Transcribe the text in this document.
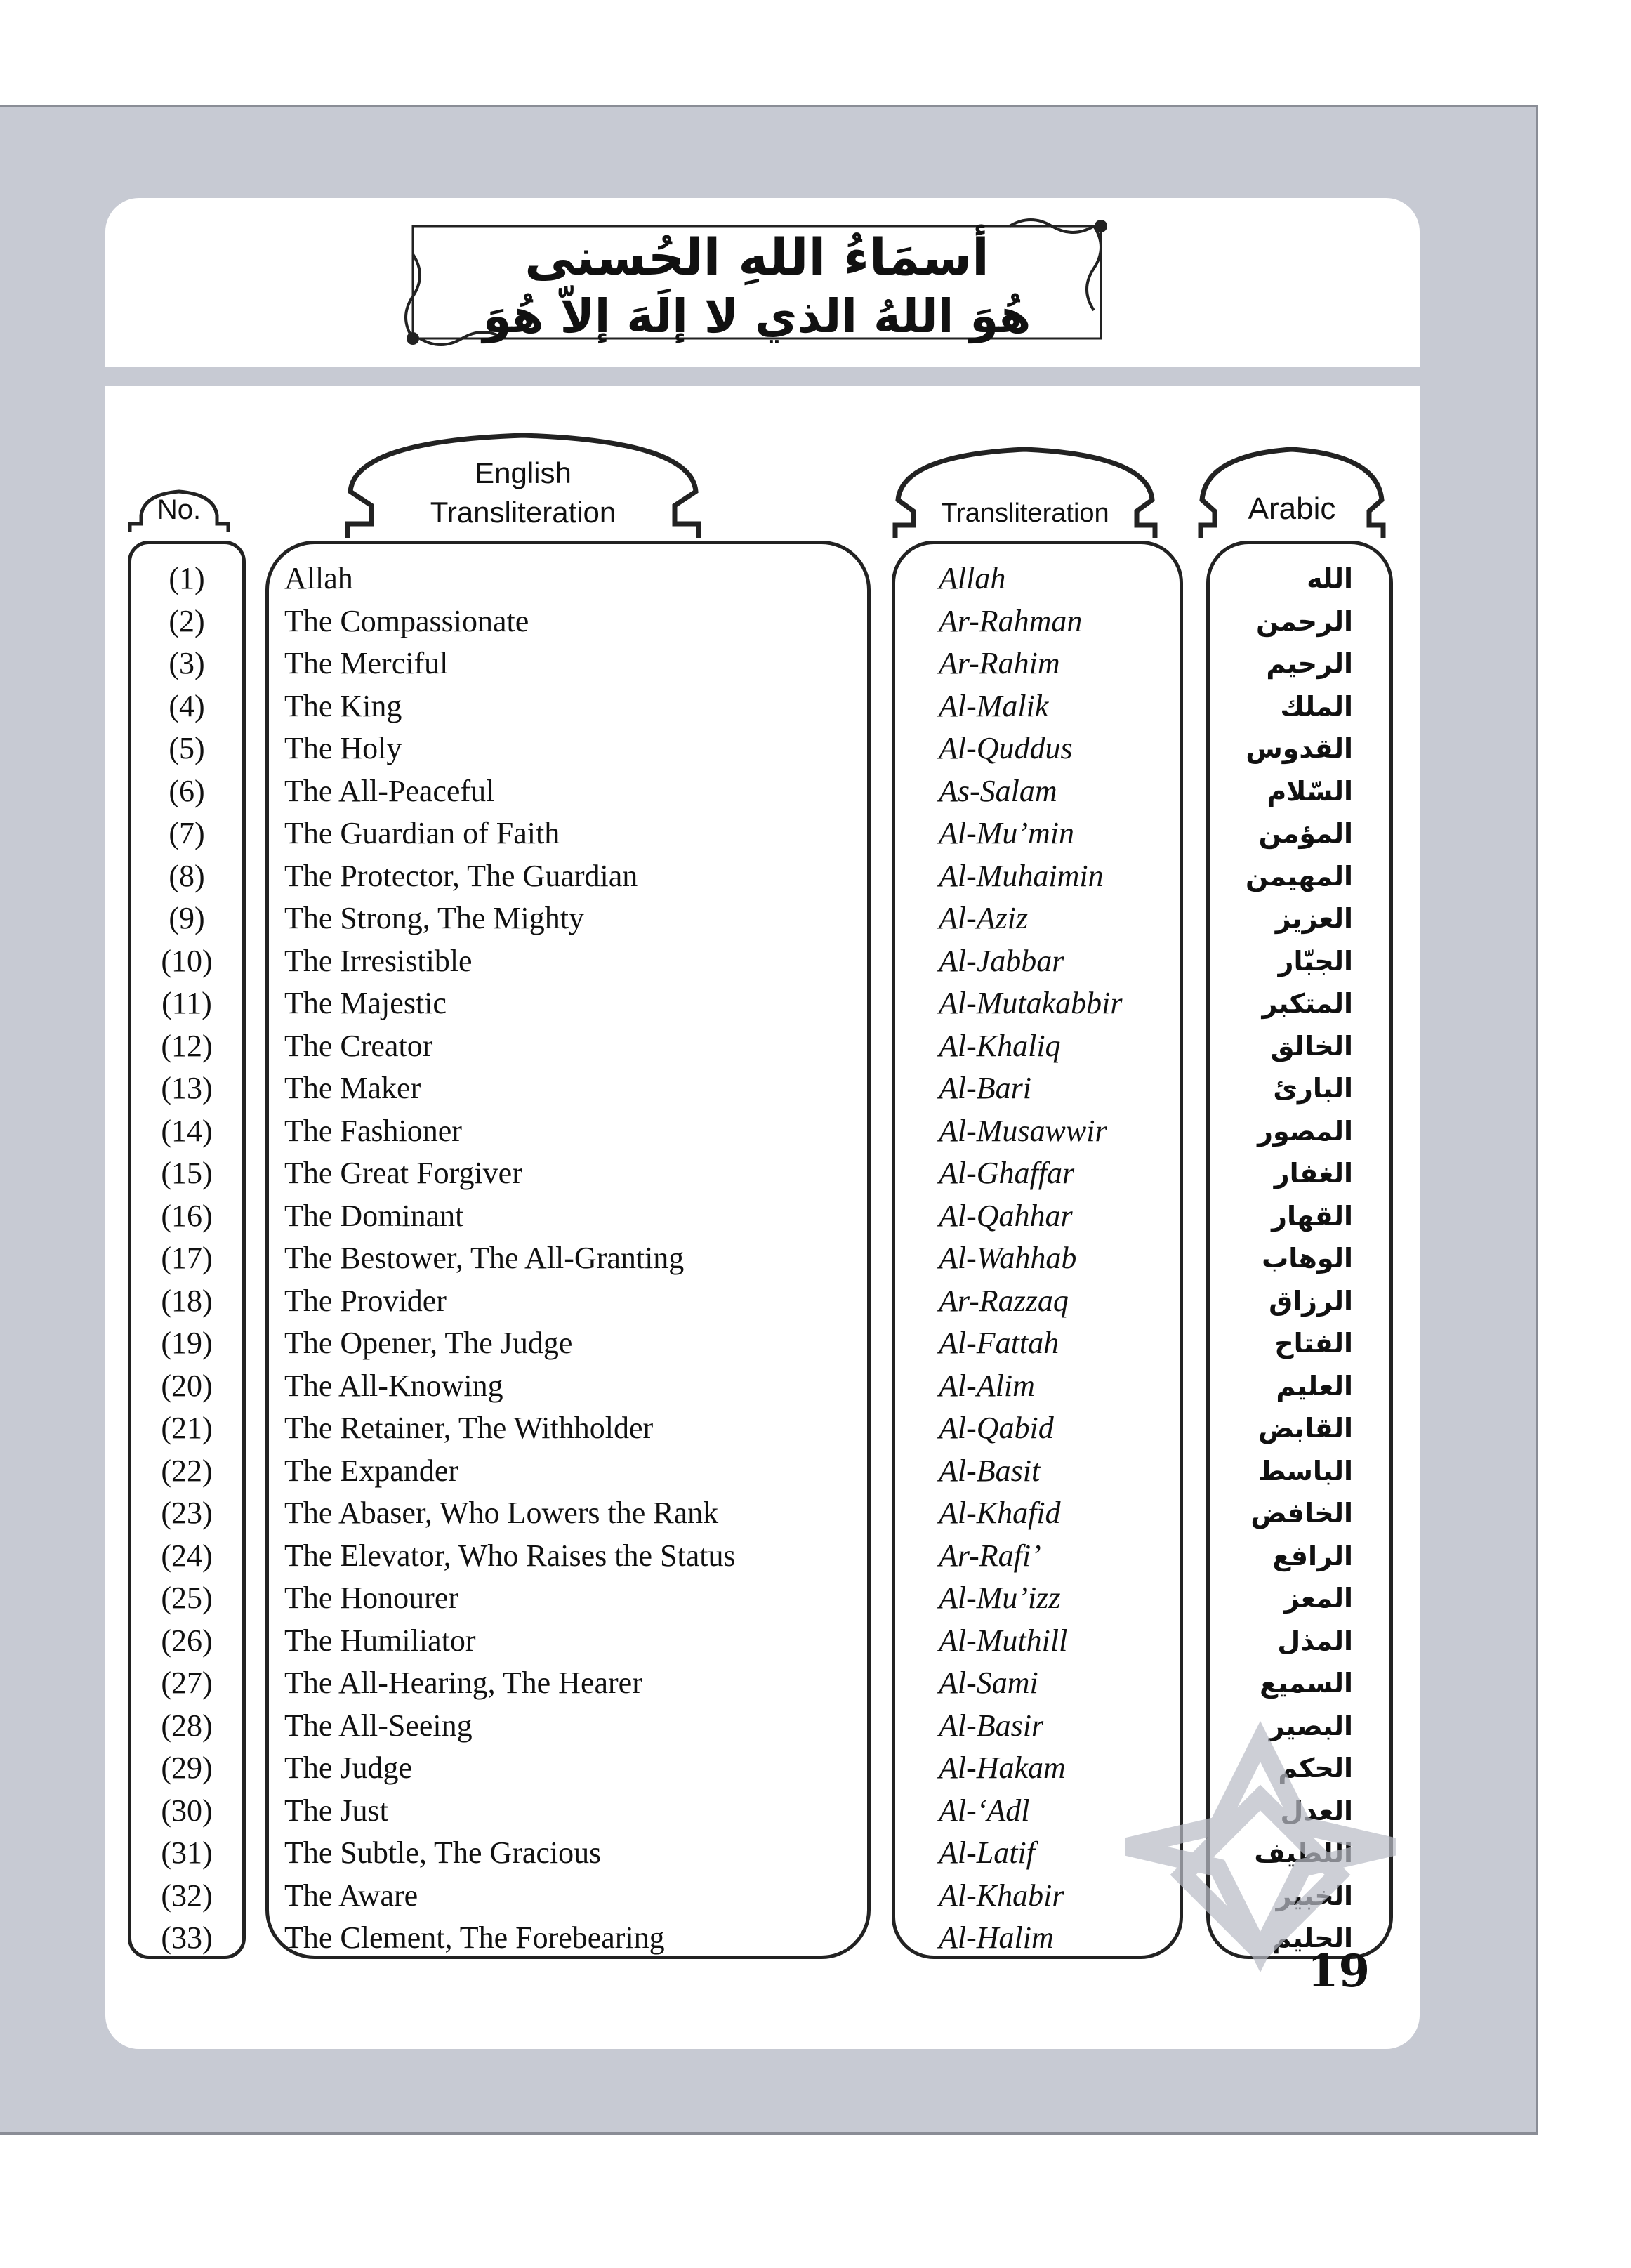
أسمَاءُ اللهِ الحُسنى
هُوَ اللهُ الذي لا إلَهَ إلاّ هُوَ
No.
English
Transliteration	Transliteration	Arabic
(1)
(2)
(3)
(4)
(5)
(6)
(7)
(8)
(9)
(10)
(11)
(12)
(13)
(14)
(15)
(16)
(17)
(18)
(19)
(20)
(21)
(22)
(23)
(24)
(25)
(26)
(27)
(28)
(29)
(30)
(31)
(32)
(33)
Allah
The Compassionate
The Merciful
The King
The Holy
The All-Peaceful
The Guardian of Faith
The Protector, The Guardian
The Strong, The Mighty
The Irresistible
The Majestic
The Creator
The Maker
The Fashioner
The Great Forgiver
The Dominant
The Bestower, The All-Granting
The Provider
The Opener, The Judge
The All-Knowing
The Retainer, The Withholder
The Expander
The Abaser, Who Lowers the Rank
The Elevator, Who Raises the Status
The Honourer
The Humiliator
The All-Hearing, The Hearer
The All-Seeing
The Judge
The Just
The Subtle, The Gracious
The Aware
The Clement, The Forebearing
Allah
Ar-Rahman
Ar-Rahim
Al-Malik
Al-Quddus
As-Salam
Al-Mu’min
Al-Muhaimin
Al-Aziz
Al-Jabbar
Al-Mutakabbir
Al-Khaliq
Al-Bari
Al-Musawwir
Al-Ghaffar
Al-Qahhar
Al-Wahhab
Ar-Razzaq
Al-Fattah
Al-Alim
Al-Qabid
Al-Basit
Al-Khafid
Ar-Rafi’
Al-Mu’izz
Al-Muthill
Al-Sami
Al-Basir
Al-Hakam
Al-‘Adl
Al-Latif
Al-Khabir
Al-Halim
الله
الرحمن
الرحيم
الملك
القدوس
السّلام
المؤمن
المهيمن
العزيز
الجبّار
المتكبر
الخالق
البارئ
المصور
الغفار
القهار
الوهاب
الرزاق
الفتاح
العليم
القابض
الباسط
الخافض
الرافع
المعز
المذل
السميع
البصير
الحكم
العدل
اللطيف
الخبير
الحليم
19
